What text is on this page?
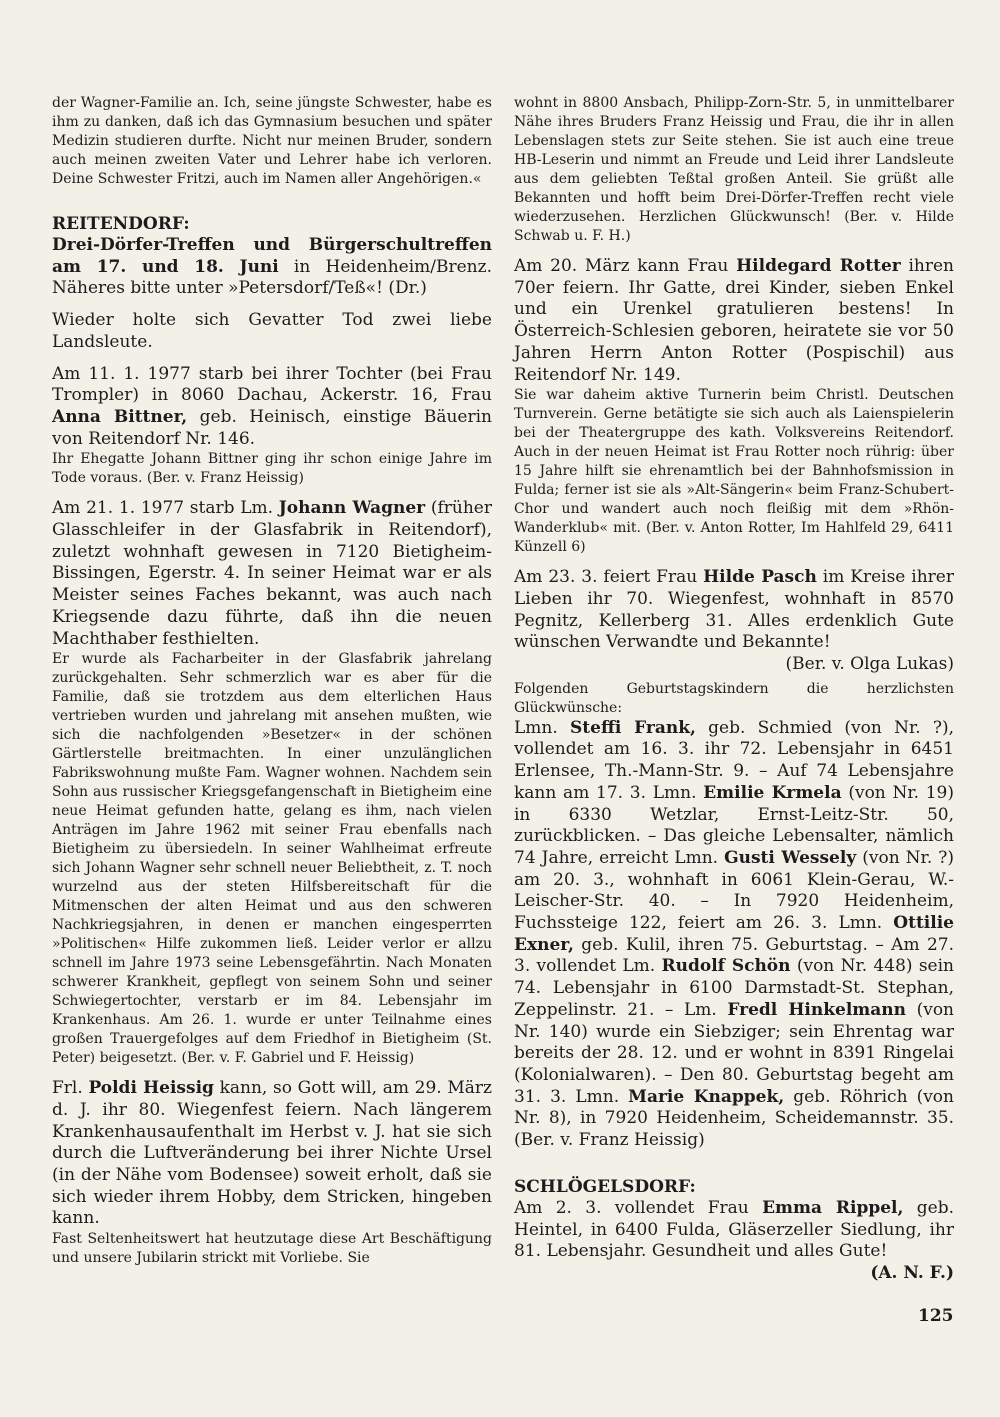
der Wagner-Familie an. Ich, seine jüngste Schwester, habe es ihm zu danken, daß ich das Gymnasium besuchen und später Medizin studieren durfte. Nicht nur meinen Bruder, sondern auch meinen zweiten Vater und Lehrer habe ich verloren. Deine Schwester Fritzi, auch im Namen aller Angehörigen.«

REITENDORF:

Drei-Dörfer-Treffen und Bürgerschultreffen am 17. und 18. Juni in Heidenheim/Brenz. Näheres bitte unter »Petersdorf/Teß«! (Dr.)

Wieder holte sich Gevatter Tod zwei liebe Landsleute.

Am 11. 1. 1977 starb bei ihrer Tochter (bei Frau Trompler) in 8060 Dachau, Ackerstr. 16, Frau Anna Bittner, geb. Heinisch, einstige Bäuerin von Reitendorf Nr. 146.

Ihr Ehegatte Johann Bittner ging ihr schon einige Jahre im Tode voraus. (Ber. v. Franz Heissig)

Am 21. 1. 1977 starb Lm. Johann Wagner (früher Glasschleifer in der Glasfabrik in Reitendorf), zuletzt wohnhaft gewesen in 7120 Bietigheim-Bissingen, Egerstr. 4. In seiner Heimat war er als Meister seines Faches bekannt, was auch nach Kriegsende dazu führte, daß ihn die neuen Machthaber festhielten.

Er wurde als Facharbeiter in der Glasfabrik jahrelang zurückgehalten. Sehr schmerzlich war es aber für die Familie, daß sie trotzdem aus dem elterlichen Haus vertrieben wurden und jahrelang mit ansehen mußten, wie sich die nachfolgenden »Besetzer« in der schönen Gärtlerstelle breitmachten. In einer unzulänglichen Fabrikswohnung mußte Fam. Wagner wohnen. Nachdem sein Sohn aus russischer Kriegsgefangenschaft in Bietigheim eine neue Heimat gefunden hatte, gelang es ihm, nach vielen Anträgen im Jahre 1962 mit seiner Frau ebenfalls nach Bietigheim zu übersiedeln. In seiner Wahlheimat erfreute sich Johann Wagner sehr schnell neuer Beliebtheit, z. T. noch wurzelnd aus der steten Hilfsbereitschaft für die Mitmenschen der alten Heimat und aus den schweren Nachkriegsjahren, in denen er manchen eingesperrten »Politischen« Hilfe zukommen ließ. Leider verlor er allzu schnell im Jahre 1973 seine Lebensgefährtin. Nach Monaten schwerer Krankheit, gepflegt von seinem Sohn und seiner Schwiegertochter, verstarb er im 84. Lebensjahr im Krankenhaus. Am 26. 1. wurde er unter Teilnahme eines großen Trauergefolges auf dem Friedhof in Bietigheim (St. Peter) beigesetzt. (Ber. v. F. Gabriel und F. Heissig)

Frl. Poldi Heissig kann, so Gott will, am 29. März d. J. ihr 80. Wiegenfest feiern. Nach längerem Krankenhausaufenthalt im Herbst v. J. hat sie sich durch die Luftveränderung bei ihrer Nichte Ursel (in der Nähe vom Bodensee) soweit erholt, daß sie sich wieder ihrem Hobby, dem Stricken, hingeben kann.

Fast Seltenheitswert hat heutzutage diese Art Beschäftigung und unsere Jubilarin strickt mit Vorliebe. Sie

wohnt in 8800 Ansbach, Philipp-Zorn-Str. 5, in unmittelbarer Nähe ihres Bruders Franz Heissig und Frau, die ihr in allen Lebenslagen stets zur Seite stehen. Sie ist auch eine treue HB-Leserin und nimmt an Freude und Leid ihrer Landsleute aus dem geliebten Teßtal großen Anteil. Sie grüßt alle Bekannten und hofft beim Drei-Dörfer-Treffen recht viele wiederzusehen. Herzlichen Glückwunsch! (Ber. v. Hilde Schwab u. F. H.)

Am 20. März kann Frau Hildegard Rotter ihren 70er feiern. Ihr Gatte, drei Kinder, sieben Enkel und ein Urenkel gratulieren bestens! In Österreich-Schlesien geboren, heiratete sie vor 50 Jahren Herrn Anton Rotter (Pospischil) aus Reitendorf Nr. 149.

Sie war daheim aktive Turnerin beim Christl. Deutschen Turnverein. Gerne betätigte sie sich auch als Laienspielerin bei der Theatergruppe des kath. Volksvereins Reitendorf. Auch in der neuen Heimat ist Frau Rotter noch rührig: über 15 Jahre hilft sie ehrenamtlich bei der Bahnhofsmission in Fulda; ferner ist sie als »Alt-Sängerin« beim Franz-Schubert-Chor und wandert auch noch fleißig mit dem »Rhön-Wanderklub« mit. (Ber. v. Anton Rotter, Im Hahlfeld 29, 6411 Künzell 6)

Am 23. 3. feiert Frau Hilde Pasch im Kreise ihrer Lieben ihr 70. Wiegenfest, wohnhaft in 8570 Pegnitz, Kellerberg 31. Alles erdenklich Gute wünschen Verwandte und Bekannte!

(Ber. v. Olga Lukas)

Folgenden Geburtstagskindern die herzlichsten Glückwünsche:

Lmn. Steffi Frank, geb. Schmied (von Nr. ?), vollendet am 16. 3. ihr 72. Lebensjahr in 6451 Erlensee, Th.-Mann-Str. 9. – Auf 74 Lebensjahre kann am 17. 3. Lmn. Emilie Krmela (von Nr. 19) in 6330 Wetzlar, Ernst-Leitz-Str. 50, zurückblicken. – Das gleiche Lebensalter, nämlich 74 Jahre, erreicht Lmn. Gusti Wessely (von Nr. ?) am 20. 3., wohnhaft in 6061 Klein-Gerau, W.-Leischer-Str. 40. – In 7920 Heidenheim, Fuchssteige 122, feiert am 26. 3. Lmn. Ottilie Exner, geb. Kulil, ihren 75. Geburtstag. – Am 27. 3. vollendet Lm. Rudolf Schön (von Nr. 448) sein 74. Lebensjahr in 6100 Darmstadt-St. Stephan, Zeppelinstr. 21. – Lm. Fredl Hinkelmann (von Nr. 140) wurde ein Siebziger; sein Ehrentag war bereits der 28. 12. und er wohnt in 8391 Ringelai (Kolonialwaren). – Den 80. Geburtstag begeht am 31. 3. Lmn. Marie Knappek, geb. Röhrich (von Nr. 8), in 7920 Heidenheim, Scheidemannstr. 35. (Ber. v. Franz Heissig)

SCHLÖGELSDORF:

Am 2. 3. vollendet Frau Emma Rippel, geb. Heintel, in 6400 Fulda, Gläserzeller Siedlung, ihr 81. Lebensjahr. Gesundheit und alles Gute!

(A. N. F.)

125
